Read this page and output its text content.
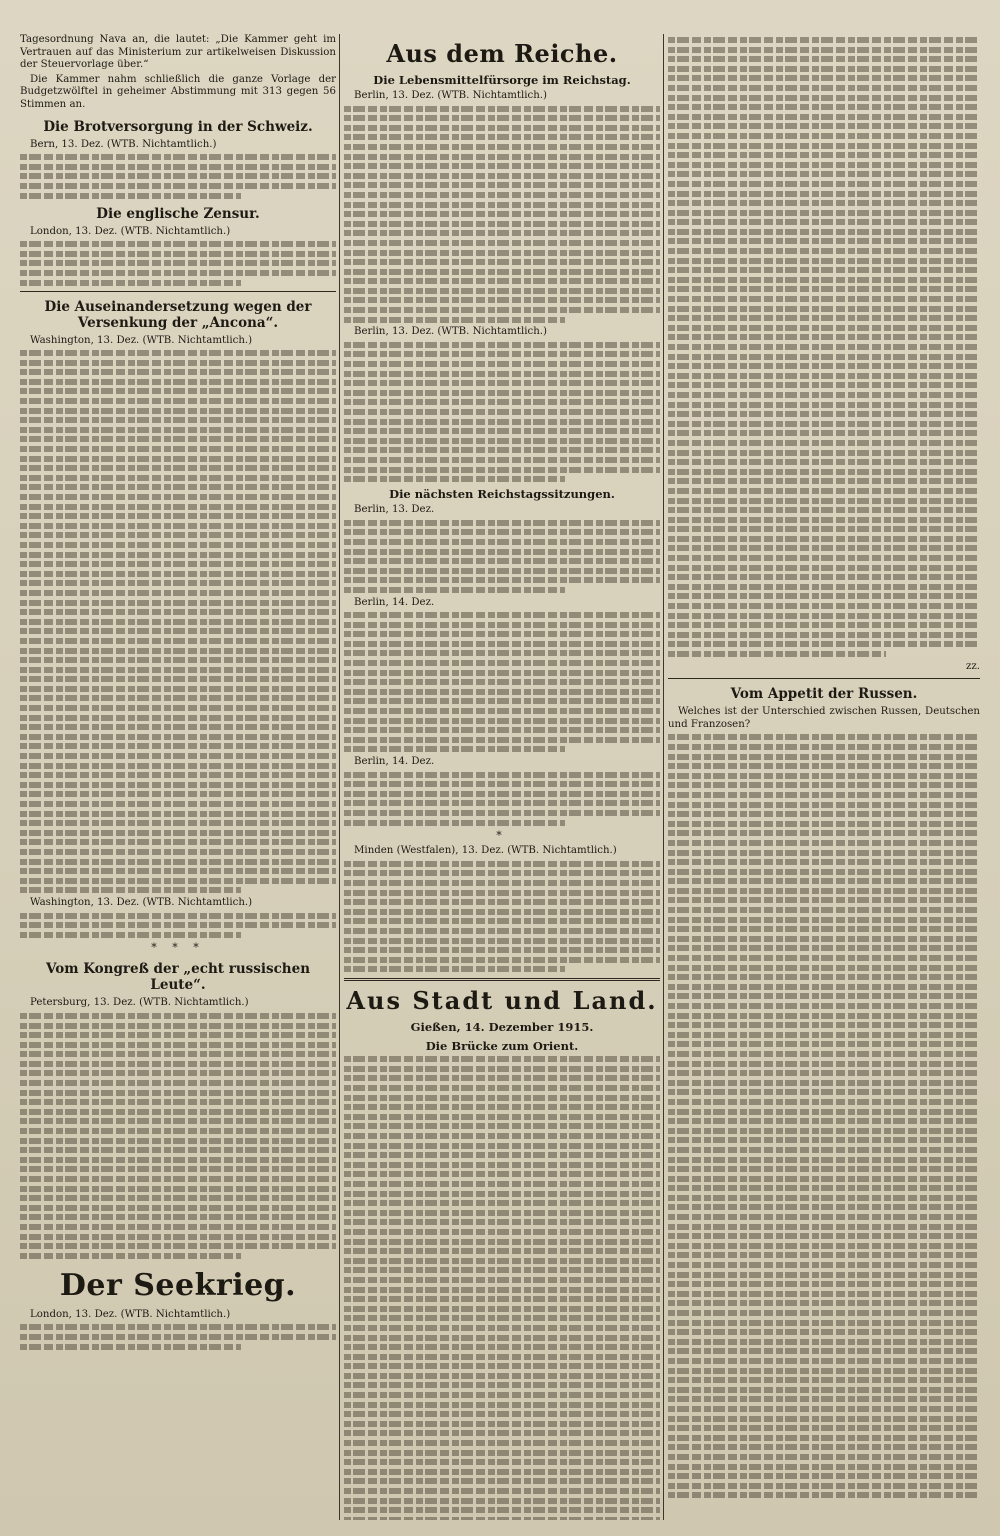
Tagesordnung Nava an, die lautet: „Die Kammer geht im Vertrauen auf das Ministerium zur artikelweisen Diskussion der Steuervorlage über.“

Die Kammer nahm schließlich die ganze Vorlage der Budgetzwölftel in geheimer Abstimmung mit 313 gegen 56 Stimmen an.

Die Brotversorgung in der Schweiz.

Bern, 13. Dez. (WTB. Nichtamtlich.)

Die englische Zensur.

London, 13. Dez. (WTB. Nichtamtlich.)

Die Auseinandersetzung wegen der Versenkung der „Ancona“.

Washington, 13. Dez. (WTB. Nichtamtlich.)

Washington, 13. Dez. (WTB. Nichtamtlich.)

* * *
Vom Kongreß der „echt russischen Leute“.

Petersburg, 13. Dez. (WTB. Nichtamtlich.)

Der Seekrieg.

London, 13. Dez. (WTB. Nichtamtlich.)

Aus dem Reiche.
Die Lebensmittelfürsorge im Reichstag.

Berlin, 13. Dez. (WTB. Nichtamtlich.)

Berlin, 13. Dez. (WTB. Nichtamtlich.)

Die nächsten Reichstagssitzungen.

Berlin, 13. Dez.

Berlin, 14. Dez.

Berlin, 14. Dez.

*

Minden (Westfalen), 13. Dez. (WTB. Nichtamtlich.)

Aus Stadt und Land.
Gießen, 14. Dezember 1915.
Die Brücke zum Orient.

zz.

Vom Appetit der Russen.

Welches ist der Unterschied zwischen Russen, Deutschen und Franzosen?
